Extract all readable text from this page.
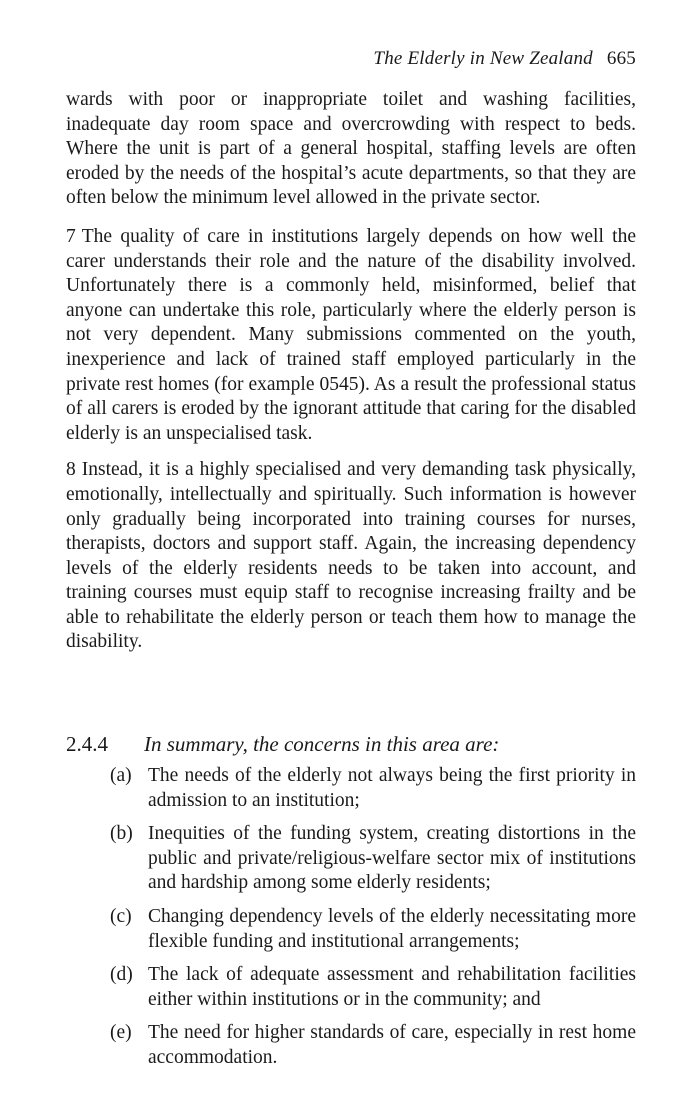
The Elderly in New Zealand 665

wards with poor or inappropriate toilet and washing facilities, inadequate day room space and overcrowding with respect to beds. Where the unit is part of a general hospital, staffing levels are often eroded by the needs of the hospital’s acute departments, so that they are often below the minimum level allowed in the private sector.

7 The quality of care in institutions largely depends on how well the carer understands their role and the nature of the disability involved. Unfortunately there is a commonly held, misinformed, belief that anyone can undertake this role, particularly where the elderly person is not very dependent. Many submissions commented on the youth, inexperience and lack of trained staff employed particularly in the private rest homes (for example 0545). As a result the professional status of all carers is eroded by the ignorant attitude that caring for the disabled elderly is an unspecialised task.

8 Instead, it is a highly specialised and very demanding task physically, emotionally, intellectually and spiritually. Such information is however only gradually being incorporated into training courses for nurses, therapists, doctors and support staff. Again, the increasing dependency levels of the elderly residents needs to be taken into account, and training courses must equip staff to recognise increasing frailty and be able to rehabilitate the elderly person or teach them how to manage the disability.

2.4.4 In summary, the concerns in this area are:
(a) The needs of the elderly not always being the first priority in admission to an institution;
(b) Inequities of the funding system, creating distortions in the public and private/religious-welfare sector mix of institutions and hardship among some elderly residents;
(c) Changing dependency levels of the elderly necessitating more flexible funding and institutional arrangements;
(d) The lack of adequate assessment and rehabilitation facilities either within institutions or in the community; and
(e) The need for higher standards of care, especially in rest home accommodation.
